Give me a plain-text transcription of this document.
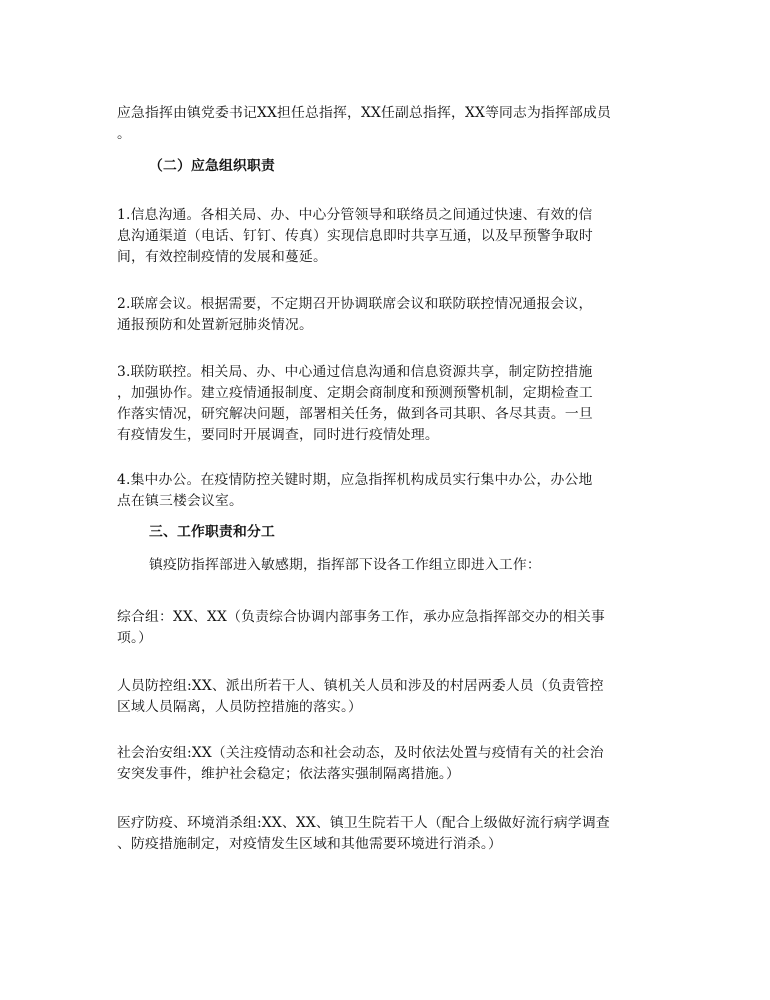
应急指挥由镇党委书记XX担任总指挥，XX任副总指挥，XX等同志为指挥部成员
。
（二）应急组织职责
1.信息沟通。各相关局、办、中心分管领导和联络员之间通过快速、有效的信
息沟通渠道（电话、钉钉、传真）实现信息即时共享互通，以及早预警争取时
间，有效控制疫情的发展和蔓延。
2.联席会议。根据需要，不定期召开协调联席会议和联防联控情况通报会议，
通报预防和处置新冠肺炎情况。
3.联防联控。相关局、办、中心通过信息沟通和信息资源共享，制定防控措施
，加强协作。建立疫情通报制度、定期会商制度和预测预警机制，定期检查工
作落实情况，研究解决问题，部署相关任务，做到各司其职、各尽其责。一旦
有疫情发生，要同时开展调查，同时进行疫情处理。
4.集中办公。在疫情防控关键时期，应急指挥机构成员实行集中办公，办公地
点在镇三楼会议室。
三、工作职责和分工
镇疫防指挥部进入敏感期，指挥部下设各工作组立即进入工作：
综合组：XX、XX（负责综合协调内部事务工作，承办应急指挥部交办的相关事
项。）
人员防控组:XX、派出所若干人、镇机关人员和涉及的村居两委人员（负责管控
区域人员隔离，人员防控措施的落实。）
社会治安组:XX（关注疫情动态和社会动态，及时依法处置与疫情有关的社会治
安突发事件，维护社会稳定；依法落实强制隔离措施。）
医疗防疫、环境消杀组:XX、XX、镇卫生院若干人（配合上级做好流行病学调查
、防疫措施制定，对疫情发生区域和其他需要环境进行消杀。）
